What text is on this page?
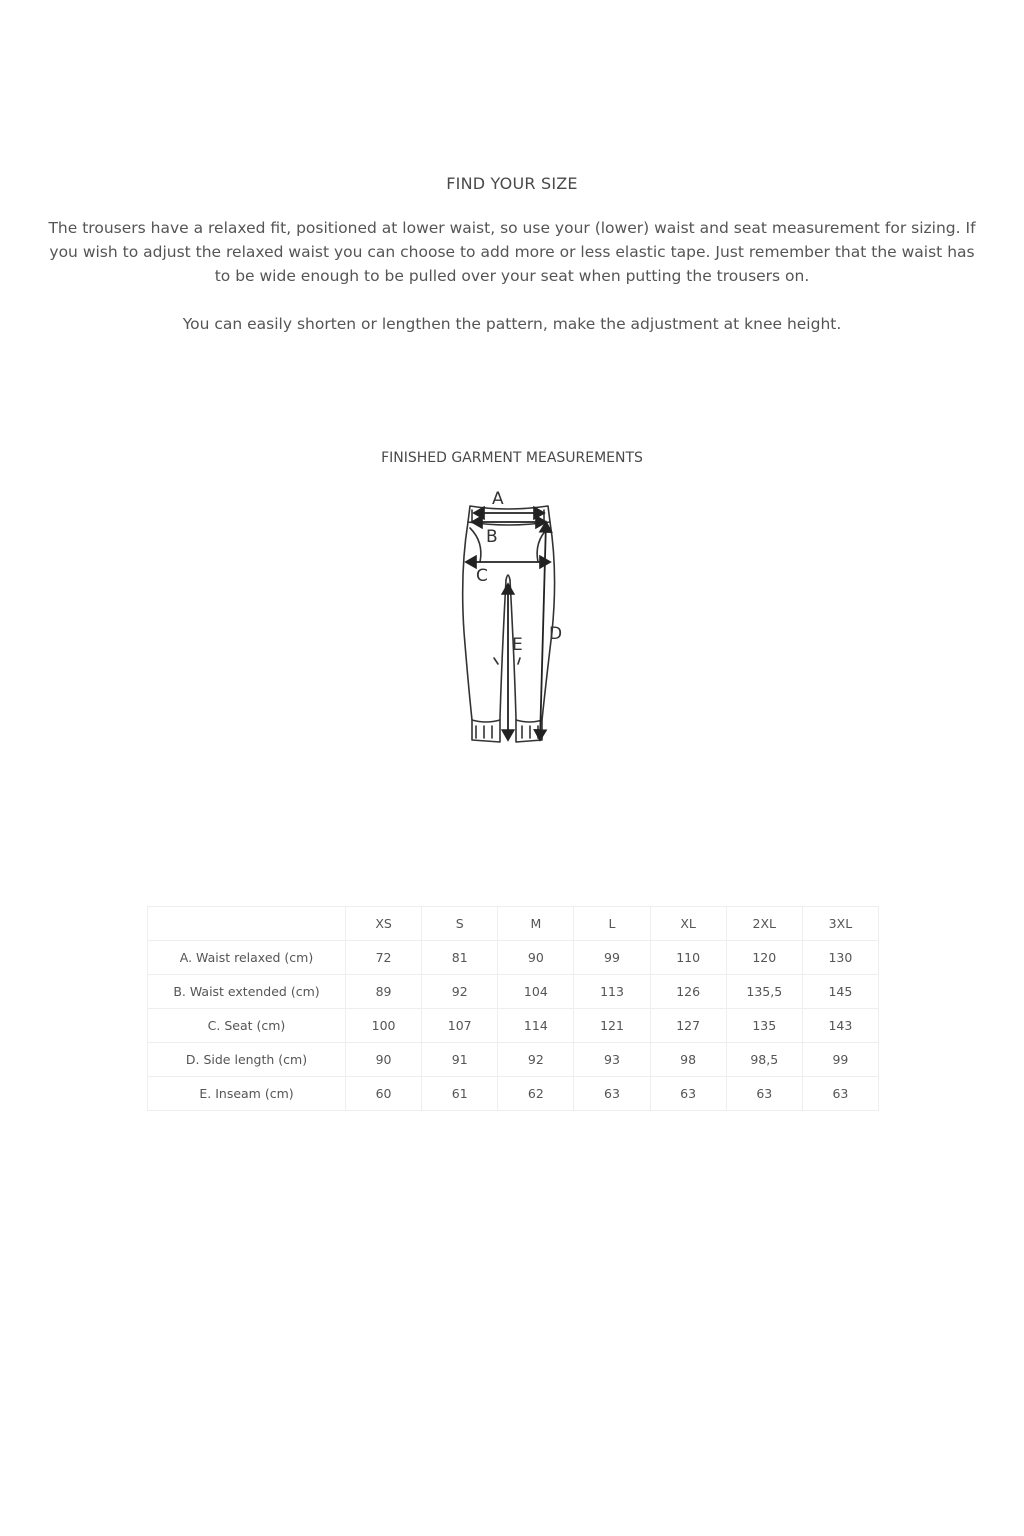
FIND YOUR SIZE

The trousers have a relaxed fit, positioned at lower waist, so use your (lower) waist and seat measurement for sizing. If you wish to adjust the relaxed waist you can choose to add more or less elastic tape. Just remember that the waist has to be wide enough to be pulled over your seat when putting the trousers on.

You can easily shorten or lengthen the pattern, make the adjustment at knee height.

FINISHED GARMENT MEASUREMENTS
A
B
C
D
E
	XS	S	M	L	XL	2XL	3XL
A. Waist relaxed (cm)	72	81	90	99	110	120	130
B. Waist extended (cm)	89	92	104	113	126	135,5	145
C. Seat (cm)	100	107	114	121	127	135	143
D. Side length (cm)	90	91	92	93	98	98,5	99
E. Inseam (cm)	60	61	62	63	63	63	63
